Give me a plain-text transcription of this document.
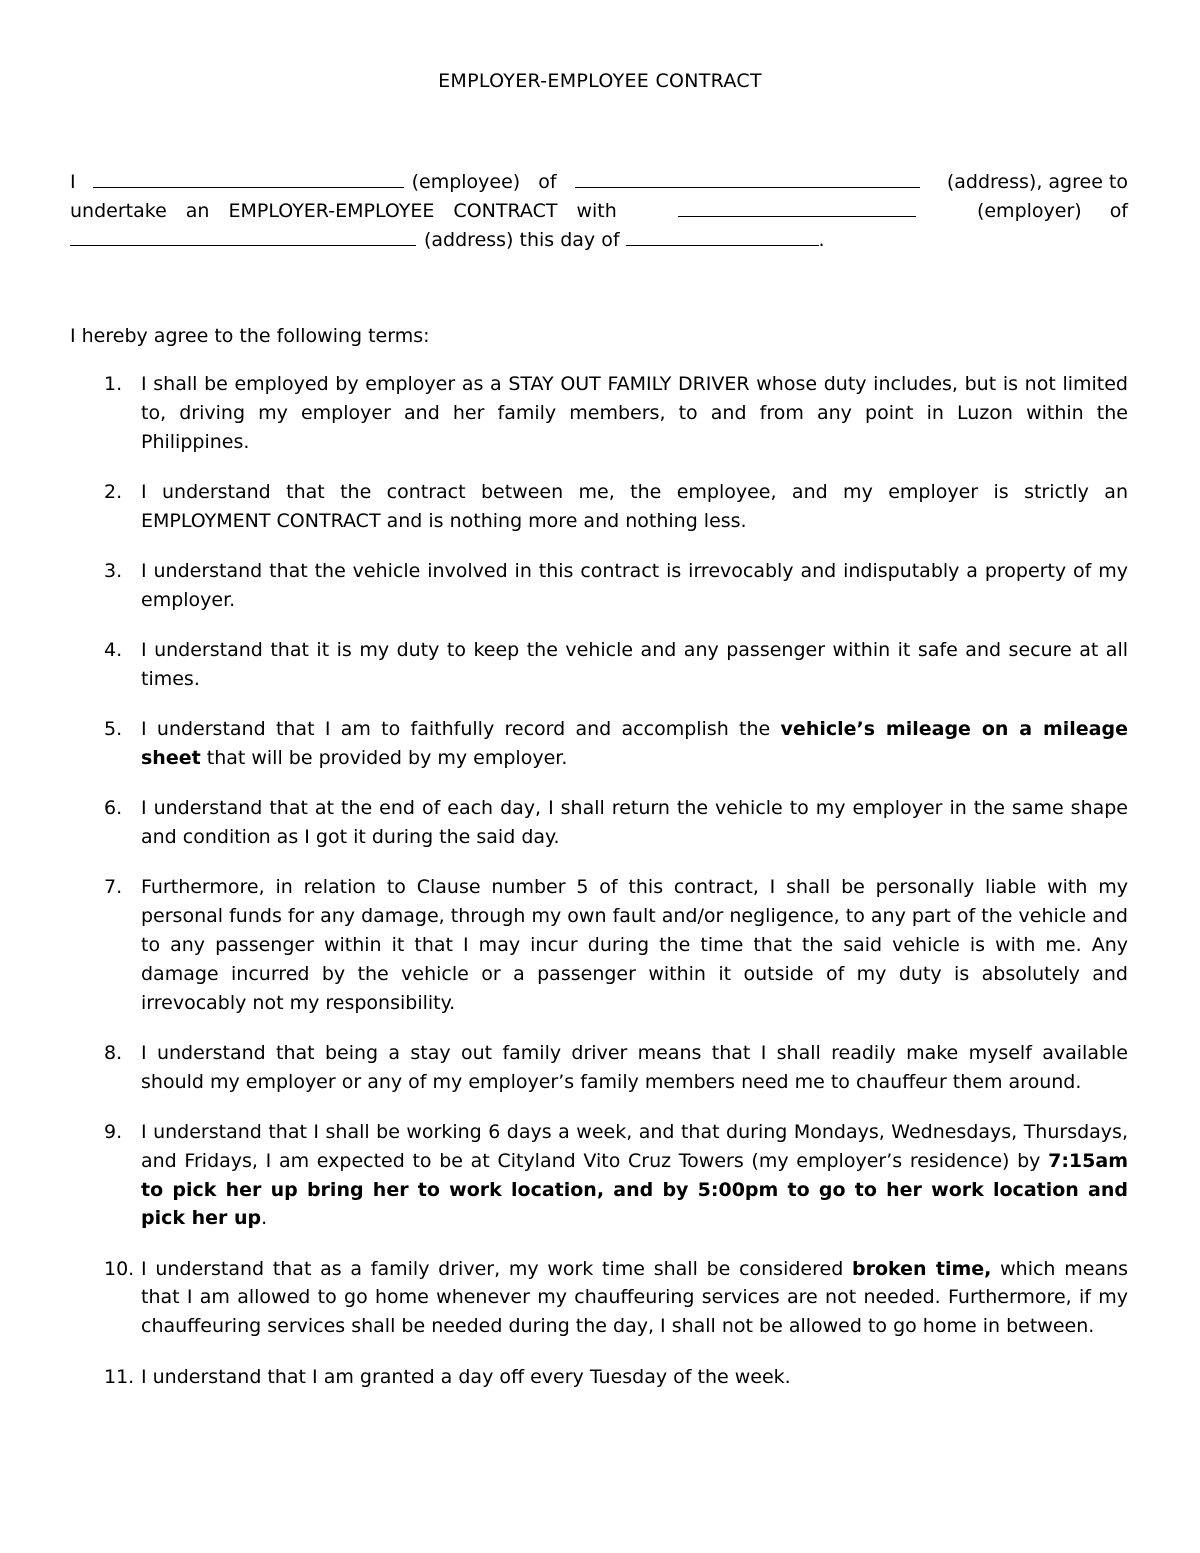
EMPLOYER-EMPLOYEE CONTRACT
I	(employee) of	(address), agree to
undertake an EMPLOYER-EMPLOYEE CONTRACT with	(employer) of
(address) this day of	.
I hereby agree to the following terms:
1. I shall be employed by employer as a STAY OUT FAMILY DRIVER whose duty includes, but is not limited to, driving my employer and her family members, to and from any point in Luzon within the Philippines.
2. I understand that the contract between me, the employee, and my employer is strictly an EMPLOYMENT CONTRACT and is nothing more and nothing less.
3. I understand that the vehicle involved in this contract is irrevocably and indisputably a property of my employer.
4. I understand that it is my duty to keep the vehicle and any passenger within it safe and secure at all times.
5. I understand that I am to faithfully record and accomplish the vehicle’s mileage on a mileage sheet that will be provided by my employer.
6. I understand that at the end of each day, I shall return the vehicle to my employer in the same shape and condition as I got it during the said day.
7. Furthermore, in relation to Clause number 5 of this contract, I shall be personally liable with my personal funds for any damage, through my own fault and/or negligence, to any part of the vehicle and to any passenger within it that I may incur during the time that the said vehicle is with me. Any damage incurred by the vehicle or a passenger within it outside of my duty is absolutely and irrevocably not my responsibility.
8. I understand that being a stay out family driver means that I shall readily make myself available should my employer or any of my employer’s family members need me to chauffeur them around.
9. I understand that I shall be working 6 days a week, and that during Mondays, Wednesdays, Thursdays, and Fridays, I am expected to be at Cityland Vito Cruz Towers (my employer’s residence) by 7:15am to pick her up bring her to work location, and by 5:00pm to go to her work location and pick her up.
10. I understand that as a family driver, my work time shall be considered broken time, which means that I am allowed to go home whenever my chauffeuring services are not needed. Furthermore, if my chauffeuring services shall be needed during the day, I shall not be allowed to go home in between.
11. I understand that I am granted a day off every Tuesday of the week.
